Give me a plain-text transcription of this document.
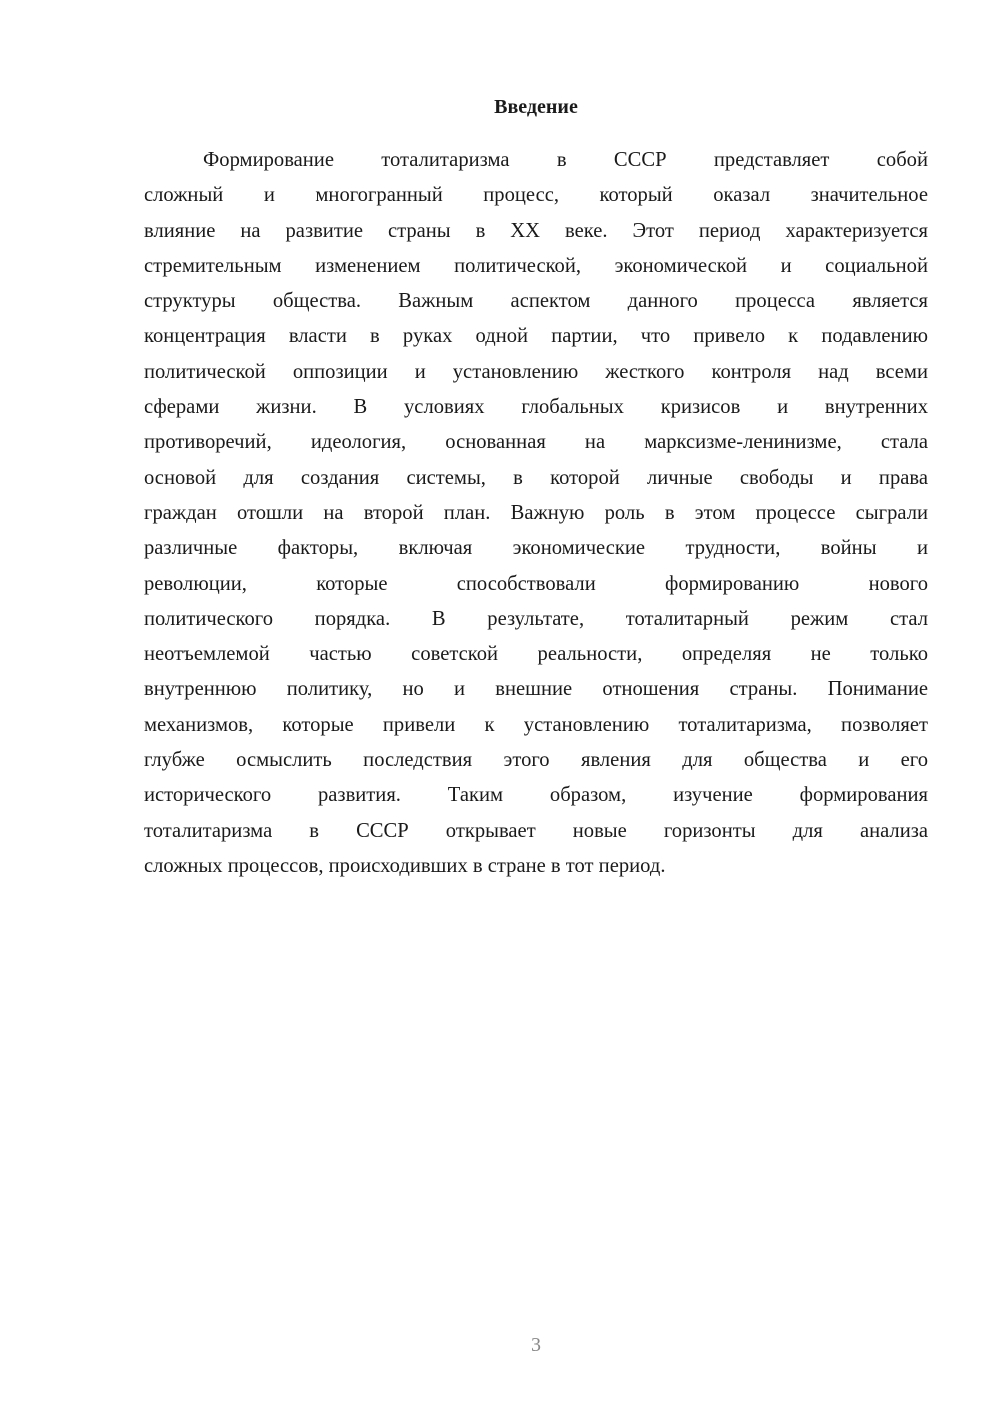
Введение
Формирование тоталитаризма в СССР представляет собой
сложный и многогранный процесс, который оказал значительное
влияние на развитие страны в XX веке. Этот период характеризуется
стремительным изменением политической, экономической и социальной
структуры общества. Важным аспектом данного процесса является
концентрация власти в руках одной партии, что привело к подавлению
политической оппозиции и установлению жесткого контроля над всеми
сферами жизни. В условиях глобальных кризисов и внутренних
противоречий, идеология, основанная на марксизме-ленинизме, стала
основой для создания системы, в которой личные свободы и права
граждан отошли на второй план. Важную роль в этом процессе сыграли
различные факторы, включая экономические трудности, войны и
революции, которые способствовали формированию нового
политического порядка. В результате, тоталитарный режим стал
неотъемлемой частью советской реальности, определяя не только
внутреннюю политику, но и внешние отношения страны. Понимание
механизмов, которые привели к установлению тоталитаризма, позволяет
глубже осмыслить последствия этого явления для общества и его
исторического развития. Таким образом, изучение формирования
тоталитаризма в СССР открывает новые горизонты для анализа
сложных процессов, происходивших в стране в тот период.
3
